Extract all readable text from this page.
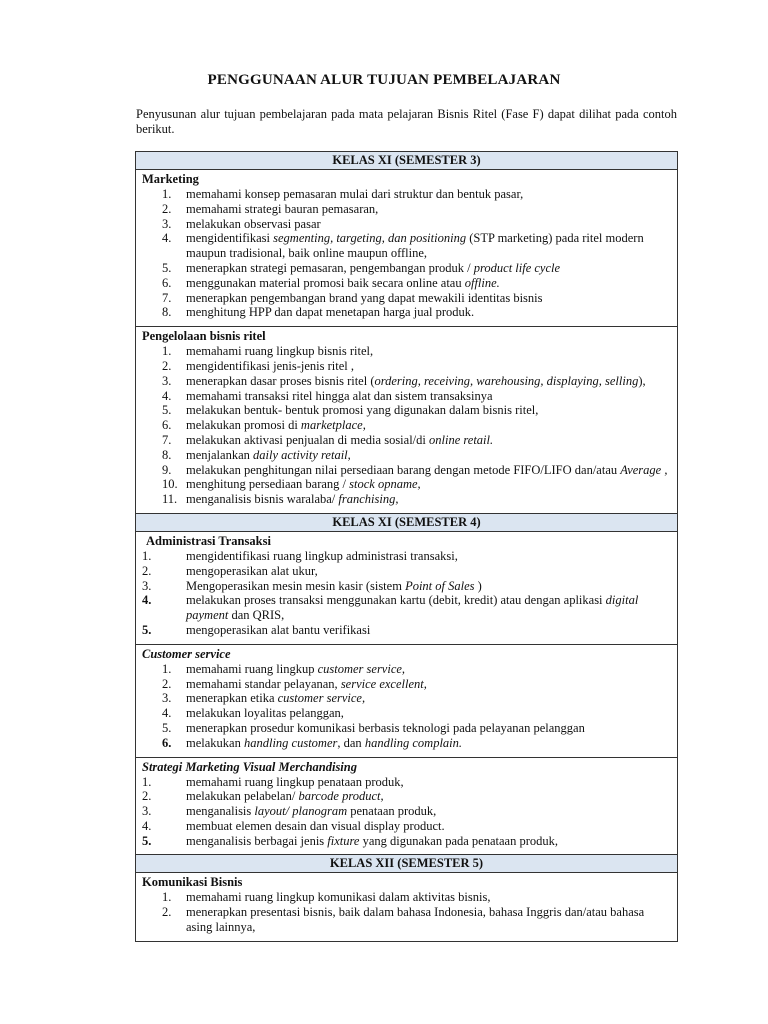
PENGGUNAAN ALUR TUJUAN PEMBELAJARAN
Penyusunan alur tujuan pembelajaran pada mata pelajaran Bisnis Ritel (Fase F) dapat dilihat pada contoh berikut.
KELAS XI (SEMESTER 3)

Marketing
1.	memahami konsep pemasaran mulai dari struktur dan bentuk pasar,
2.	memahami strategi bauran pemasaran,
3.	melakukan observasi pasar
4.	mengidentifikasi segmenting, targeting, dan positioning (STP marketing) pada ritel modern maupun tradisional, baik online maupun offline,
5.	menerapkan strategi pemasaran, pengembangan produk / product life cycle
6.	menggunakan material promosi baik secara online atau offline.
7.	menerapkan pengembangan brand yang dapat mewakili identitas bisnis
8.	menghitung HPP dan dapat menetapan harga jual produk.

Pengelolaan bisnis ritel
1.	memahami ruang lingkup bisnis ritel,
2.	mengidentifikasi jenis-jenis ritel ,
3.	menerapkan dasar proses bisnis ritel (ordering, receiving, warehousing, displaying, selling),
4.	memahami transaksi ritel hingga alat dan sistem transaksinya
5.	melakukan bentuk- bentuk promosi yang digunakan dalam bisnis ritel,
6.	melakukan promosi di marketplace,
7.	melakukan aktivasi penjualan di media sosial/di online retail.
8.	menjalankan daily activity retail,
9.	melakukan penghitungan nilai persediaan barang dengan metode FIFO/LIFO dan/atau Average ,
10. menghitung persediaan barang / stock opname,
11. menganalisis bisnis waralaba/ franchising,

KELAS XI (SEMESTER 4)

Administrasi Transaksi
1.	mengidentifikasi ruang lingkup administrasi transaksi,
2.	mengoperasikan alat ukur,
3.	Mengoperasikan mesin mesin kasir (sistem Point of Sales )
4.	melakukan proses transaksi menggunakan kartu (debit, kredit) atau dengan aplikasi digital payment dan QRIS,
5.	mengoperasikan alat bantu verifikasi

Customer service
1.	memahami ruang lingkup customer service,
2.	memahami standar pelayanan, service excellent,
3.	menerapkan etika customer service,
4.	melakukan loyalitas pelanggan,
5.	menerapkan prosedur komunikasi berbasis teknologi pada pelayanan pelanggan
6.	melakukan handling customer, dan handling complain.

Strategi Marketing Visual Merchandising
1.	memahami ruang lingkup penataan produk,
2.	melakukan pelabelan/ barcode product,
3.	menganalisis layout/ planogram penataan produk,
4.	membuat elemen desain dan visual display product.
5.	menganalisis berbagai jenis fixture yang digunakan pada penataan produk,

KELAS XII (SEMESTER 5)

Komunikasi Bisnis
1.	memahami ruang lingkup komunikasi dalam aktivitas bisnis,
2.	menerapkan presentasi bisnis, baik dalam bahasa Indonesia, bahasa Inggris dan/atau bahasa asing lainnya,
